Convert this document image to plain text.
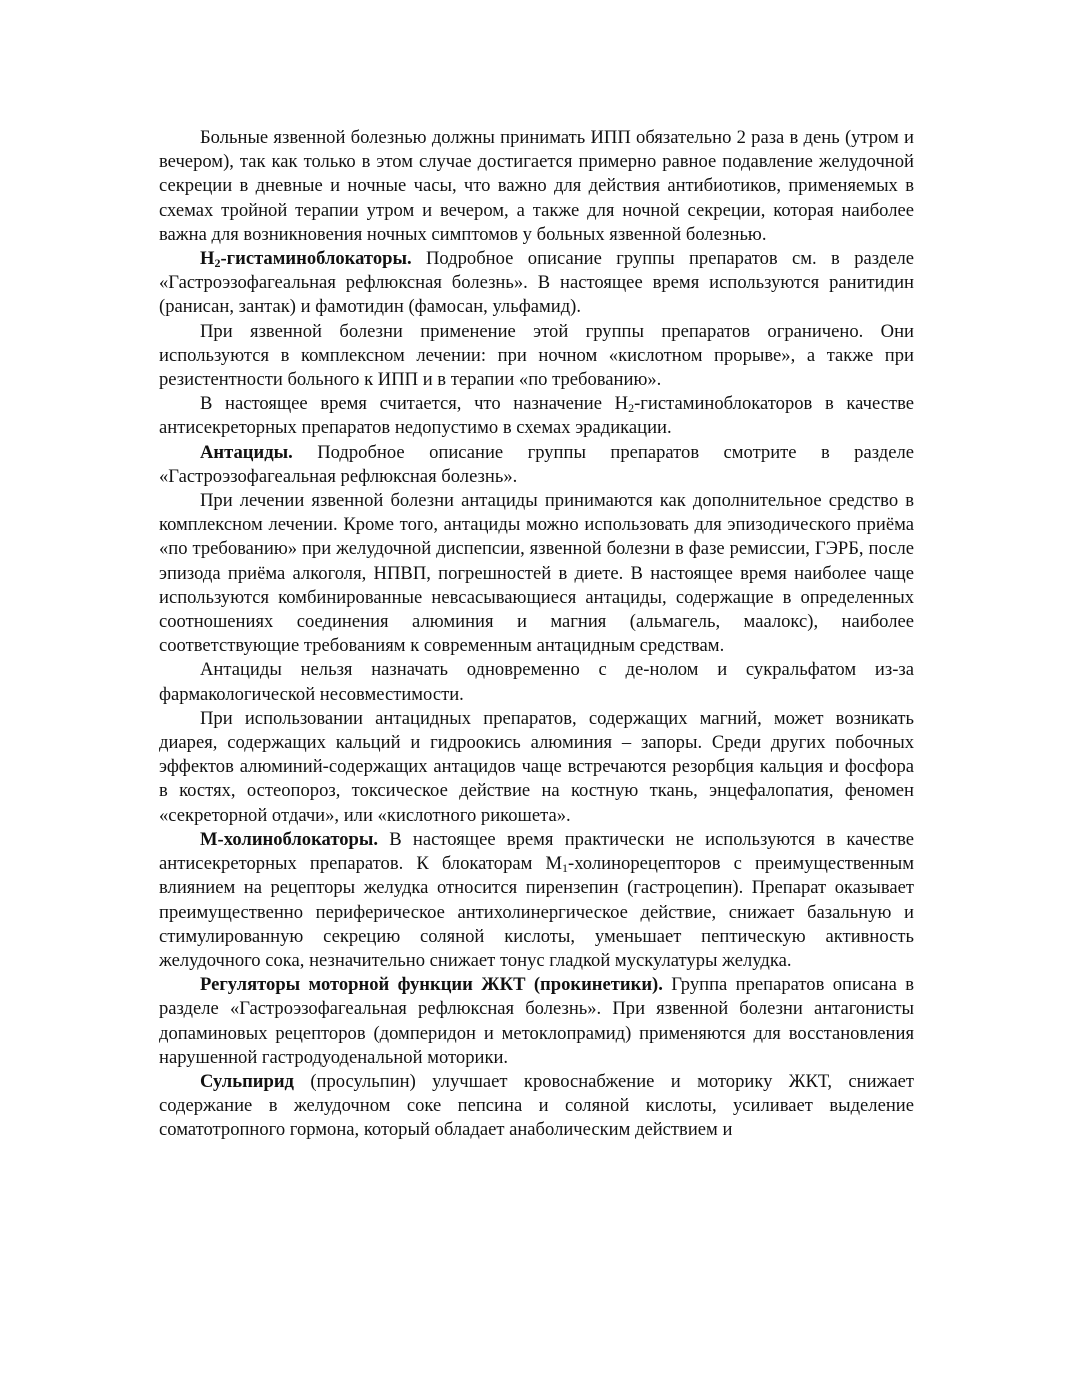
Больные язвенной болезнью должны принимать ИПП обязательно 2 раза в день (утром и вечером), так как только в этом случае достигается примерно равное подавление желудочной секреции в дневные и ночные часы, что важно для действия антибиотиков, применяемых в схемах тройной терапии утром и вечером, а также для ночной секреции, которая наиболее важна для возникновения ночных симптомов у больных язвенной болезнью.

$H_2$-гистаминоблокаторы. Подробное описание группы препаратов см. в разделе «Гастроэзофагеальная рефлюксная болезнь». В настоящее время используются ранитидин (ранисан, зантак) и фамотидин (фамосан, ульфамид).

При язвенной болезни применение этой группы препаратов ограничено. Они используются в комплексном лечении: при ночном «кислотном прорыве», а также при резистентности больного к ИПП и в терапии «по требованию».

В настоящее время считается, что назначение $H_2$-гистаминоблокаторов в качестве антисекреторных препаратов недопустимо в схемах эрадикации.

Антациды. Подробное описание группы препаратов смотрите в разделе «Гастроэзофагеальная рефлюксная болезнь».

При лечении язвенной болезни антациды принимаются как дополнительное средство в комплексном лечении. Кроме того, антациды можно использовать для эпизодического приёма «по требованию» при желудочной диспепсии, язвенной болезни в фазе ремиссии, ГЭРБ, после эпизода приёма алкоголя, НПВП, погрешностей в диете. В настоящее время наиболее чаще используются комбинированные невсасывающиеся антациды, содержащие в определенных соотношениях соединения алюминия и магния (альмагель, маалокс), наиболее соответствующие требованиям к современным антацидным средствам.

Антациды нельзя назначать одновременно с де-нолом и сукральфатом из-за фармакологической несовместимости.

При использовании антацидных препаратов, содержащих магний, может возникать диарея, содержащих кальций и гидроокись алюминия – запоры. Среди других побочных эффектов алюминий-содержащих антацидов чаще встречаются резорбция кальция и фосфора в костях, остеопороз, токсическое действие на костную ткань, энцефалопатия, феномен «секреторной отдачи», или «кислотного рикошета».

М-холиноблокаторы. В настоящее время практически не используются в качестве антисекреторных препаратов. К блокаторам $М_1$-холинорецепторов с преимущественным влиянием на рецепторы желудка относится пирензепин (гастроцепин). Препарат оказывает преимущественно периферическое антихолинергическое действие, снижает базальную и стимулированную секрецию соляной кислоты, уменьшает пептическую активность желудочного сока, незначительно снижает тонус гладкой мускулатуры желудка.

Регуляторы моторной функции ЖКТ (прокинетики). Группа препаратов описана в разделе «Гастроэзофагеальная рефлюксная болезнь». При язвенной болезни антагонисты допаминовых рецепторов (домперидон и метоклопрамид) применяются для восстановления нарушенной гастродуоденальной моторики.

Сульпирид (просульпин) улучшает кровоснабжение и моторику ЖКТ, снижает содержание в желудочном соке пепсина и соляной кислоты, усиливает выделение соматотропного гормона, который обладает анаболическим действием и
